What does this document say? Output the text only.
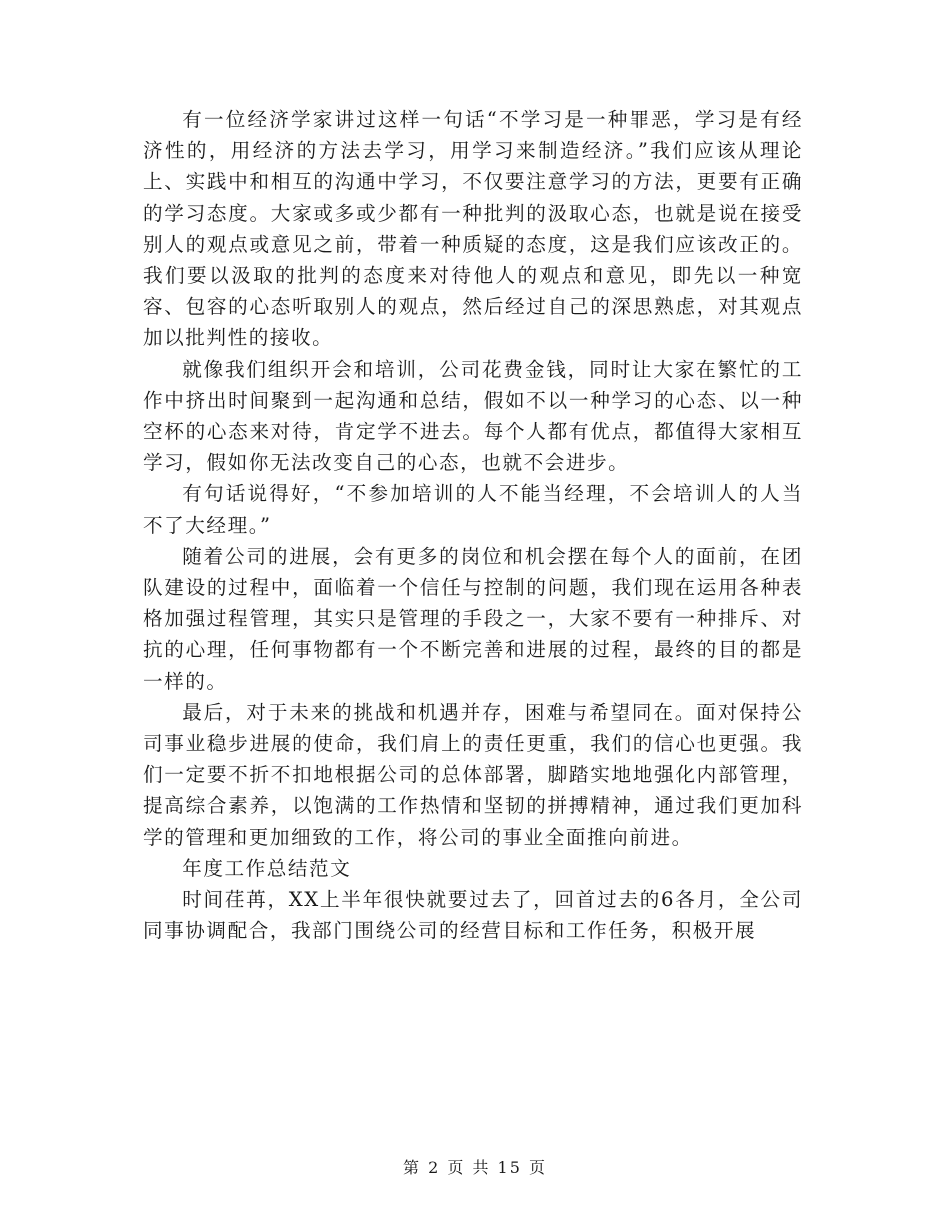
有一位经济学家讲过这样一句话“不学习是一种罪恶，学习是有经济性的，用经济的方法去学习，用学习来制造经济。”我们应该从理论上、实践中和相互的沟通中学习，不仅要注意学习的方法，更要有正确的学习态度。大家或多或少都有一种批判的汲取心态，也就是说在接受别人的观点或意见之前，带着一种质疑的态度，这是我们应该改正的。我们要以汲取的批判的态度来对待他人的观点和意见，即先以一种宽容、包容的心态听取别人的观点，然后经过自己的深思熟虑，对其观点加以批判性的接收。

就像我们组织开会和培训，公司花费金钱，同时让大家在繁忙的工作中挤出时间聚到一起沟通和总结，假如不以一种学习的心态、以一种空杯的心态来对待，肯定学不进去。每个人都有优点，都值得大家相互学习，假如你无法改变自己的心态，也就不会进步。

有句话说得好，“不参加培训的人不能当经理，不会培训人的人当不了大经理。”

随着公司的进展，会有更多的岗位和机会摆在每个人的面前，在团队建设的过程中，面临着一个信任与控制的问题，我们现在运用各种表格加强过程管理，其实只是管理的手段之一，大家不要有一种排斥、对抗的心理，任何事物都有一个不断完善和进展的过程，最终的目的都是一样的。

最后，对于未来的挑战和机遇并存，困难与希望同在。面对保持公司事业稳步进展的使命，我们肩上的责任更重，我们的信心也更强。我们一定要不折不扣地根据公司的总体部署，脚踏实地地强化内部管理，提高综合素养，以饱满的工作热情和坚韧的拼搏精神，通过我们更加科学的管理和更加细致的工作，将公司的事业全面推向前进。

年度工作总结范文

时间荏苒，XX上半年很快就要过去了，回首过去的6各月，全公司同事协调配合，我部门围绕公司的经营目标和工作任务，积极开展

第 2 页 共 15 页
